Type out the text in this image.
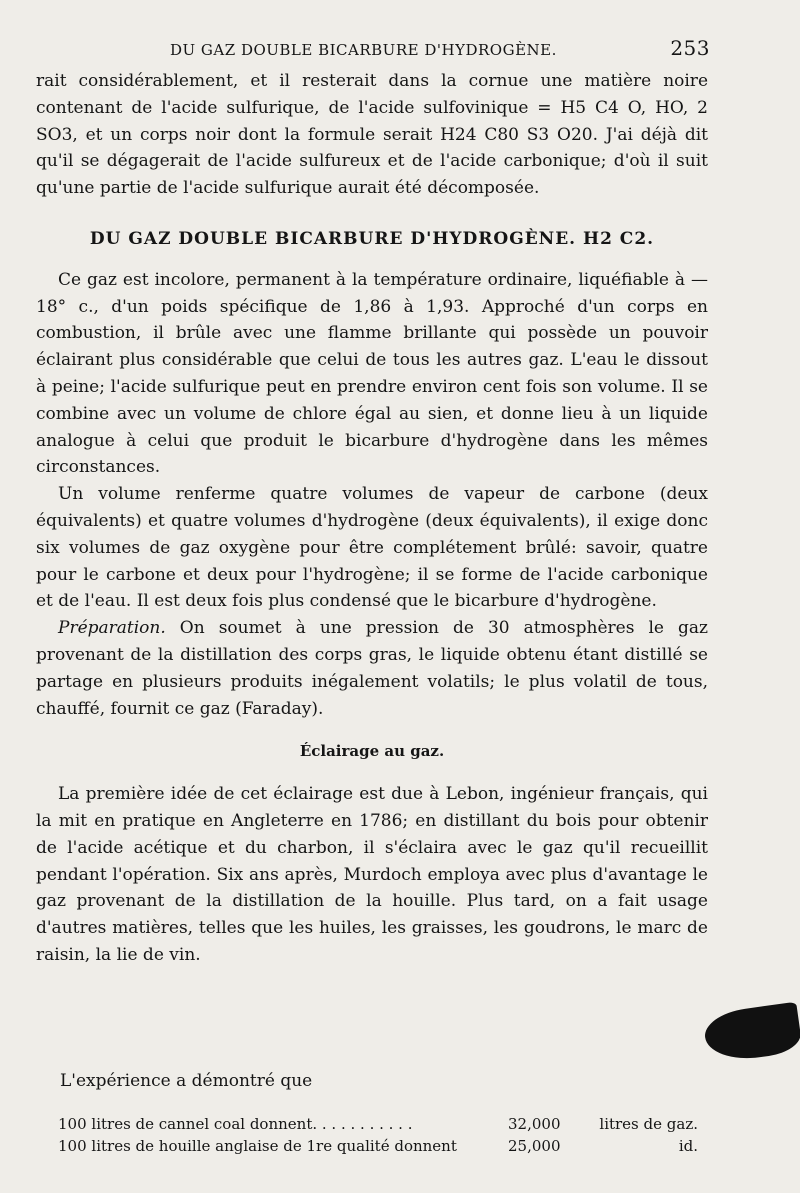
DU GAZ DOUBLE BICARBURE D'HYDROGÈNE.	253

rait considérablement, et il resterait dans la cornue une matière noire contenant de l'acide sulfurique, de l'acide sulfovinique = H5 C4 O, HO, 2 SO3, et un corps noir dont la formule serait H24 C80 S3 O20. J'ai déjà dit qu'il se dégagerait de l'acide sulfureux et de l'acide carbonique; d'où il suit qu'une partie de l'acide sulfurique aurait été décomposée.

DU GAZ DOUBLE BICARBURE D'HYDROGÈNE. H2 C2.

Ce gaz est incolore, permanent à la température ordinaire, liquéfiable à — 18° c., d'un poids spécifique de 1,86 à 1,93. Approché d'un corps en combustion, il brûle avec une flamme brillante qui possède un pouvoir éclairant plus considérable que celui de tous les autres gaz. L'eau le dissout à peine; l'acide sulfurique peut en prendre environ cent fois son volume. Il se combine avec un volume de chlore égal au sien, et donne lieu à un liquide analogue à celui que produit le bicarbure d'hydrogène dans les mêmes circonstances.

Un volume renferme quatre volumes de vapeur de carbone (deux équivalents) et quatre volumes d'hydrogène (deux équivalents), il exige donc six volumes de gaz oxygène pour être complétement brûlé: savoir, quatre pour le carbone et deux pour l'hydrogène; il se forme de l'acide carbonique et de l'eau. Il est deux fois plus condensé que le bicarbure d'hydrogène.

Préparation. On soumet à une pression de 30 atmosphères le gaz provenant de la distillation des corps gras, le liquide obtenu étant distillé se partage en plusieurs produits inégalement volatils; le plus volatil de tous, chauffé, fournit ce gaz (Faraday).

Éclairage au gaz.

La première idée de cet éclairage est due à Lebon, ingénieur français, qui la mit en pratique en Angleterre en 1786; en distillant du bois pour obtenir de l'acide acétique et du charbon, il s'éclaira avec le gaz qu'il recueillit pendant l'opération. Six ans après, Murdoch employa avec plus d'avantage le gaz provenant de la distillation de la houille. Plus tard, on a fait usage d'autres matières, telles que les huiles, les graisses, les goudrons, le marc de raisin, la lie de vin.

L'expérience a démontré que
100 litres de cannel coal donnent. . . . . . . . . . .	32,000	litres de gaz.
100 litres de houille anglaise de 1re qualité donnent	25,000	id.
